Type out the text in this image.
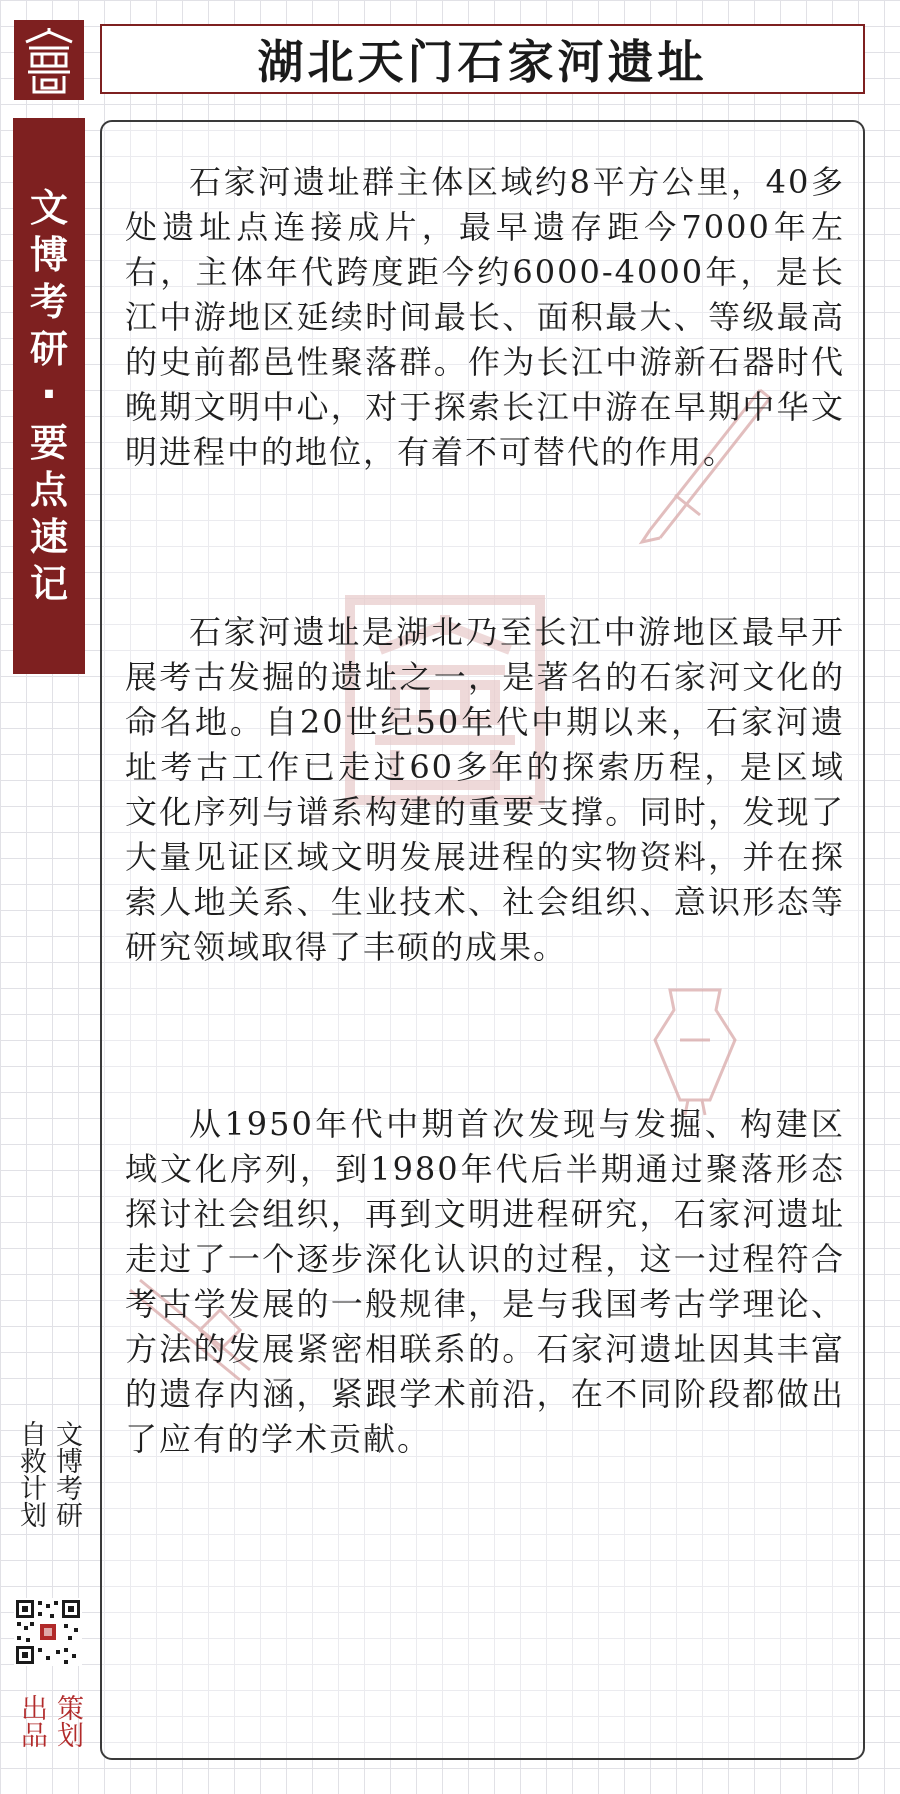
湖北天门石家河遗址
文
博
考
研
·
要
点
速
记

石家河遗址群主体区域约8平方公里，40多处遗址点连接成片，最早遗存距今7000年左右，主体年代跨度距今约6000-4000年，是长江中游地区延续时间最长、面积最大、等级最高的史前都邑性聚落群。作为长江中游新石器时代晚期文明中心，对于探索长江中游在早期中华文明进程中的地位，有着不可替代的作用。

石家河遗址是湖北乃至长江中游地区最早开展考古发掘的遗址之一，是著名的石家河文化的命名地。自20世纪50年代中期以来，石家河遗址考古工作已走过60多年的探索历程，是区域文化序列与谱系构建的重要支撑。同时，发现了大量见证区域文明发展进程的实物资料，并在探索人地关系、生业技术、社会组织、意识形态等研究领域取得了丰硕的成果。

从1950年代中期首次发现与发掘、构建区域文化序列，到1980年代后半期通过聚落形态探讨社会组织，再到文明进程研究，石家河遗址走过了一个逐步深化认识的过程，这一过程符合考古学发展的一般规律，是与我国考古学理论、方法的发展紧密相联系的。石家河遗址因其丰富的遗存内涵，紧跟学术前沿，在不同阶段都做出了应有的学术贡献。

文博考研
自救计划
策划
出品
